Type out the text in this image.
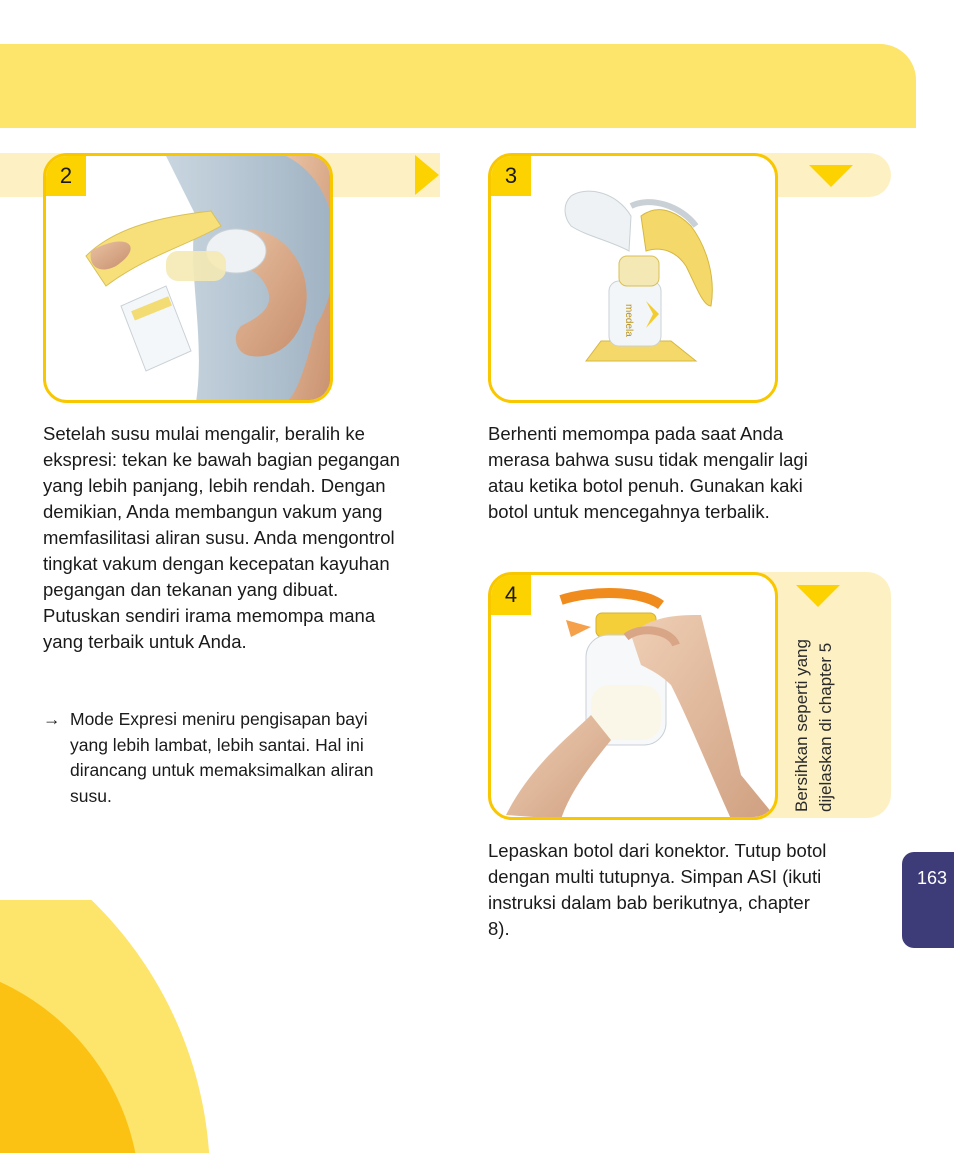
2	3
medela
Bersihkan seperti yang dijelaskan di chapter 5
4
Setelah susu mulai mengalir, beralih ke ekspresi: tekan ke bawah bagian pegangan yang lebih panjang, lebih rendah. Dengan demikian, Anda membangun vakum yang memfasilitasi aliran susu. Anda mengontrol tingkat vakum dengan kecepatan kayuhan pegangan dan tekanan yang dibuat. Putuskan sendiri irama memompa mana yang terbaik untuk Anda.
→ Mode Expresi meniru pengisapan bayi yang lebih lambat, lebih santai. Hal ini dirancang untuk memaksimalkan aliran susu.
Berhenti memompa pada saat Anda merasa bahwa susu tidak mengalir lagi atau ketika botol penuh. Gunakan kaki botol untuk mencegahnya terbalik.
Lepaskan botol dari konektor. Tutup botol dengan multi tutupnya. Simpan ASI (ikuti instruksi dalam bab berikutnya, chapter 8).
163
